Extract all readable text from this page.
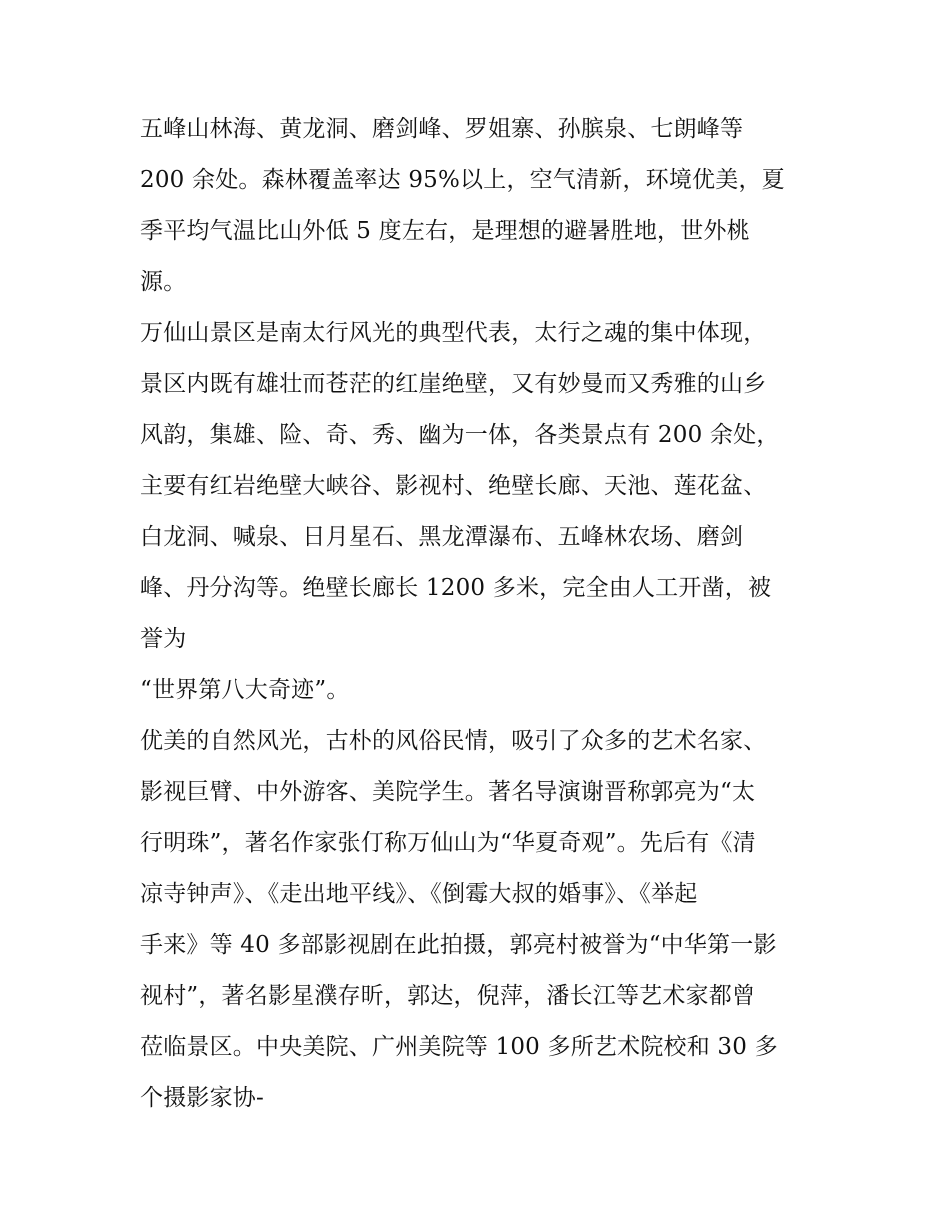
五峰山林海、黄龙洞、磨剑峰、罗姐寨、孙膑泉、七朗峰等
200 余处。森林覆盖率达 95%以上，空气清新，环境优美，夏
季平均气温比山外低 5 度左右，是理想的避暑胜地，世外桃
源。
万仙山景区是南太行风光的典型代表，太行之魂的集中体现，
景区内既有雄壮而苍茫的红崖绝壁，又有妙曼而又秀雅的山乡
风韵，集雄、险、奇、秀、幽为一体，各类景点有 200 余处，
主要有红岩绝壁大峡谷、影视村、绝壁长廊、天池、莲花盆、
白龙洞、喊泉、日月星石、黑龙潭瀑布、五峰林农场、磨剑
峰、丹分沟等。绝壁长廊长 1200 多米，完全由人工开凿，被
誉为
“世界第八大奇迹”。
优美的自然风光，古朴的风俗民情，吸引了众多的艺术名家、
影视巨臂、中外游客、美院学生。著名导演谢晋称郭亮为“太
行明珠”，著名作家张仃称万仙山为“华夏奇观”。先后有《清
凉寺钟声》、《走出地平线》、《倒霉大叔的婚事》、《举起
手来》等 40 多部影视剧在此拍摄，郭亮村被誉为“中华第一影
视村”，著名影星濮存昕，郭达，倪萍，潘长江等艺术家都曾
莅临景区。中央美院、广州美院等 100 多所艺术院校和 30 多
个摄影家协-
